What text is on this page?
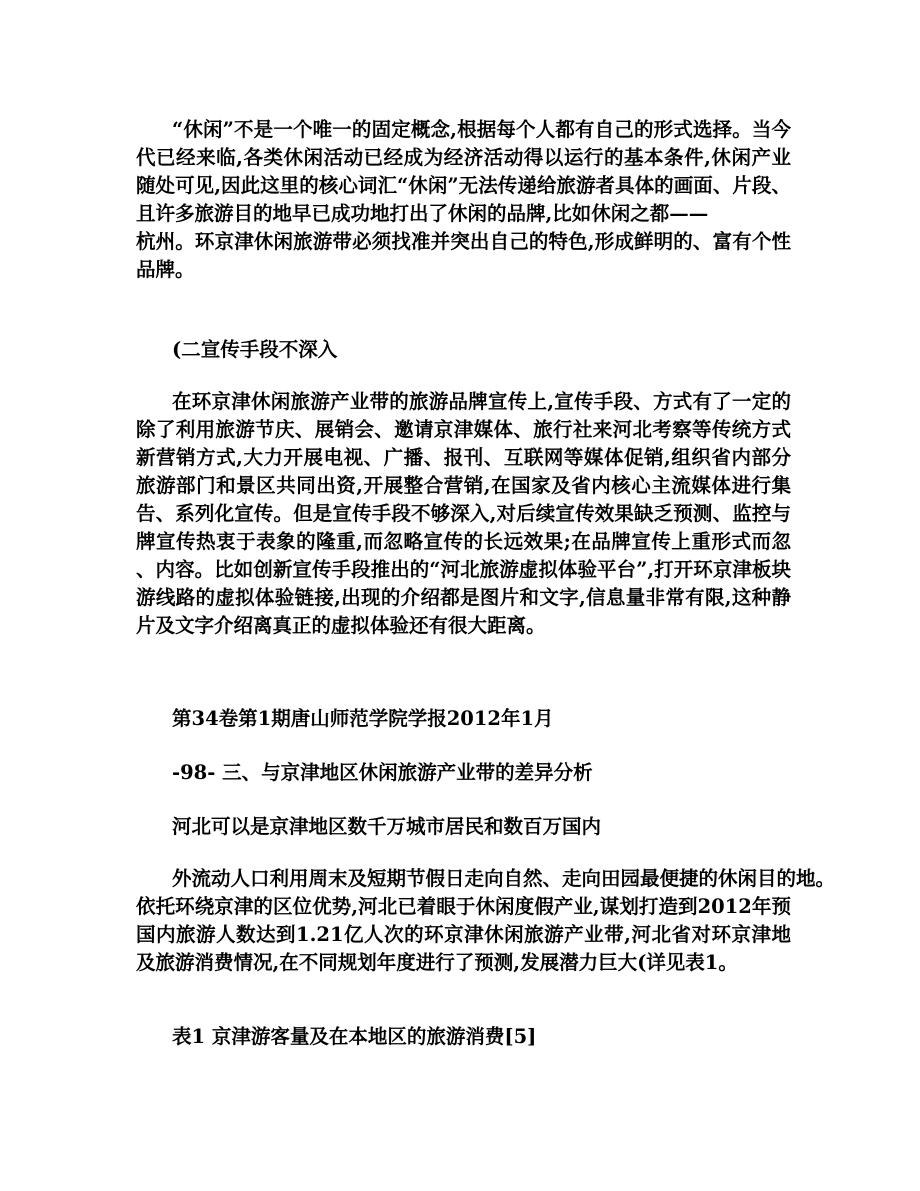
“休闲”不是一个唯一的固定概念,根据每个人都有自己的形式选择。当今
代已经来临,各类休闲活动已经成为经济活动得以运行的基本条件,休闲产业
随处可见,因此这里的核心词汇“休闲”无法传递给旅游者具体的画面、片段、
且许多旅游目的地早已成功地打出了休闲的品牌,比如休闲之都——
杭州。环京津休闲旅游带必须找准并突出自己的特色,形成鲜明的、富有个性
品牌。
(二宣传手段不深入
在环京津休闲旅游产业带的旅游品牌宣传上,宣传手段、方式有了一定的
除了利用旅游节庆、展销会、邀请京津媒体、旅行社来河北考察等传统方式
新营销方式,大力开展电视、广播、报刊、互联网等媒体促销,组织省内部分
旅游部门和景区共同出资,开展整合营销,在国家及省内核心主流媒体进行集
告、系列化宣传。但是宣传手段不够深入,对后续宣传效果缺乏预测、监控与
牌宣传热衷于表象的隆重,而忽略宣传的长远效果;在品牌宣传上重形式而忽
、内容。比如创新宣传手段推出的“河北旅游虚拟体验平台”,打开环京津板块
游线路的虚拟体验链接,出现的介绍都是图片和文字,信息量非常有限,这种静
片及文字介绍离真正的虚拟体验还有很大距离。
第34卷第1期唐山师范学院学报2012年1月
-98- 三、与京津地区休闲旅游产业带的差异分析
河北可以是京津地区数千万城市居民和数百万国内
外流动人口利用周末及短期节假日走向自然、走向田园最便捷的休闲目的地。
依托环绕京津的区位优势,河北已着眼于休闲度假产业,谋划打造到2012年预
国内旅游人数达到1.21亿人次的环京津休闲旅游产业带,河北省对环京津地
及旅游消费情况,在不同规划年度进行了预测,发展潜力巨大(详见表1。
表1 京津游客量及在本地区的旅游消费[5]
